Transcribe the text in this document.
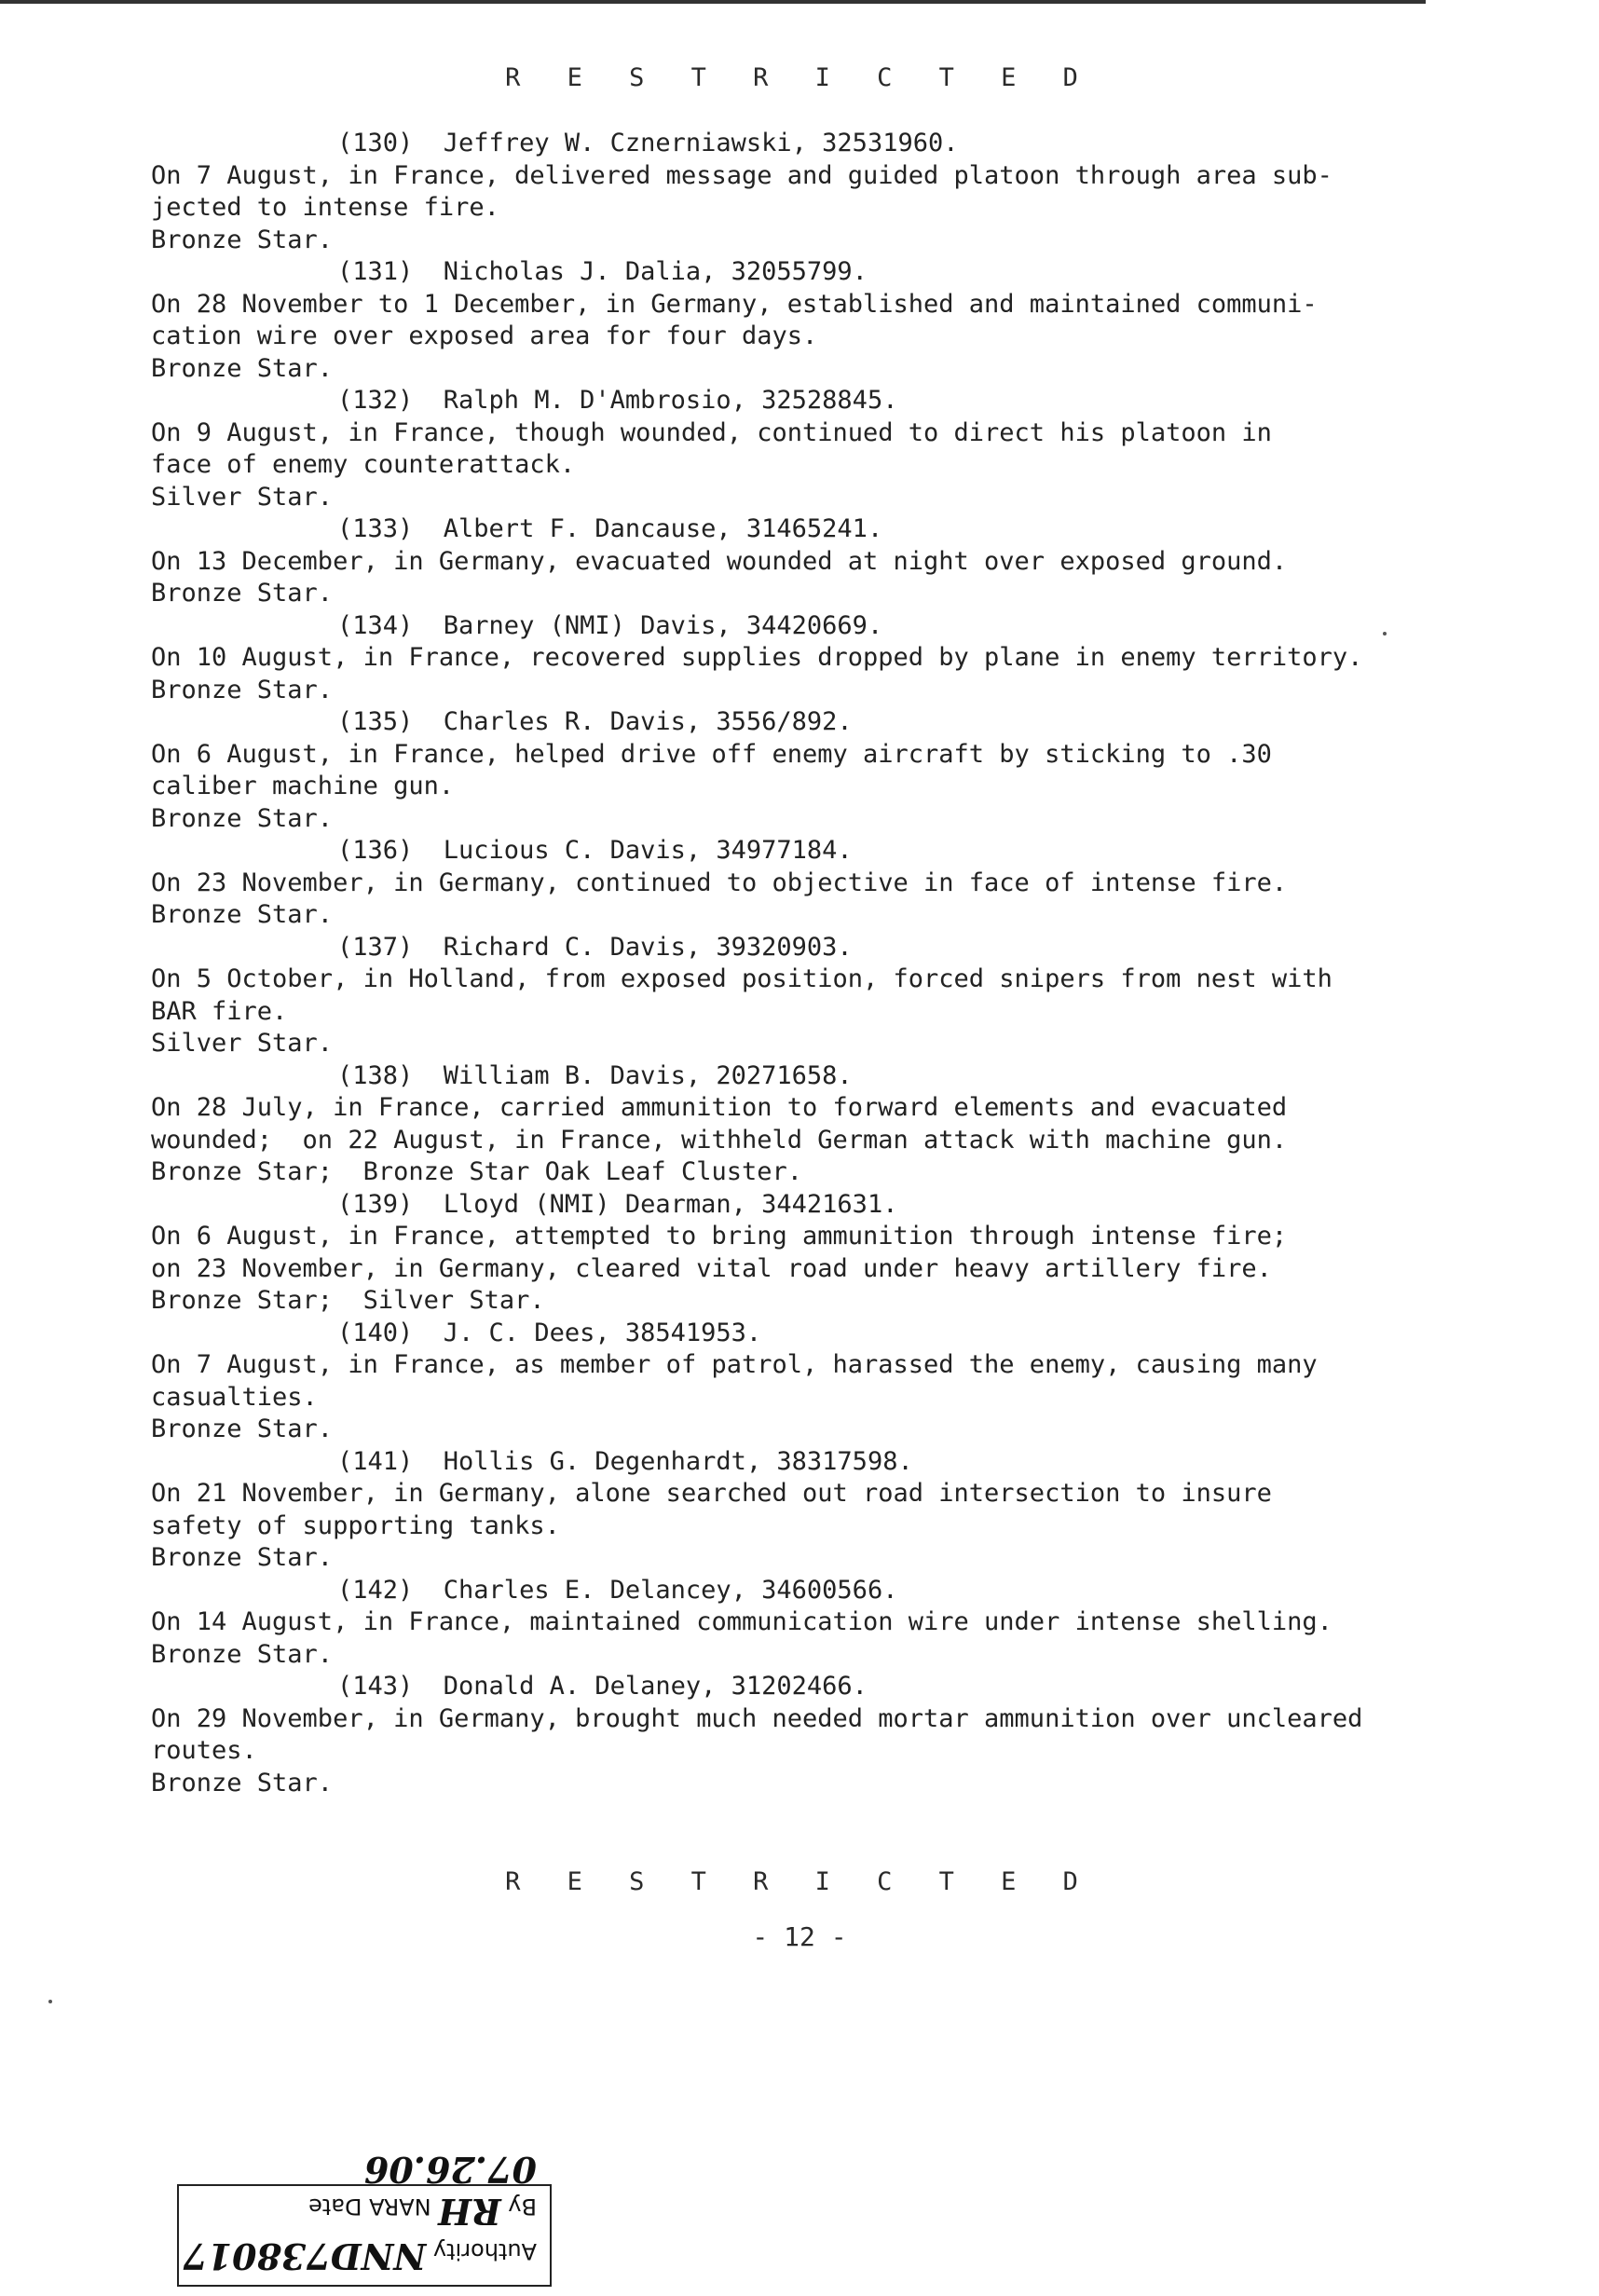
R E S T R I C T E D
(130)  Jeffrey W. Cznerniawski, 32531960.
On 7 August, in France, delivered message and guided platoon through area sub-
jected to intense fire.
Bronze Star.
(131)  Nicholas J. Dalia, 32055799.
On 28 November to 1 December, in Germany, established and maintained communi-
cation wire over exposed area for four days.
Bronze Star.
(132)  Ralph M. D'Ambrosio, 32528845.
On 9 August, in France, though wounded, continued to direct his platoon in
face of enemy counterattack.
Silver Star.
(133)  Albert F. Dancause, 31465241.
On 13 December, in Germany, evacuated wounded at night over exposed ground.
Bronze Star.
(134)  Barney (NMI) Davis, 34420669.
On 10 August, in France, recovered supplies dropped by plane in enemy territory.
Bronze Star.
(135)  Charles R. Davis, 3556/892.
On 6 August, in France, helped drive off enemy aircraft by sticking to .30
caliber machine gun.
Bronze Star.
(136)  Lucious C. Davis, 34977184.
On 23 November, in Germany, continued to objective in face of intense fire.
Bronze Star.
(137)  Richard C. Davis, 39320903.
On 5 October, in Holland, from exposed position, forced snipers from nest with
BAR fire.
Silver Star.
(138)  William B. Davis, 20271658.
On 28 July, in France, carried ammunition to forward elements and evacuated
wounded;  on 22 August, in France, withheld German attack with machine gun.
Bronze Star;  Bronze Star Oak Leaf Cluster.
(139)  Lloyd (NMI) Dearman, 34421631.
On 6 August, in France, attempted to bring ammunition through intense fire;
on 23 November, in Germany, cleared vital road under heavy artillery fire.
Bronze Star;  Silver Star.
(140)  J. C. Dees, 38541953.
On 7 August, in France, as member of patrol, harassed the enemy, causing many
casualties.
Bronze Star.
(141)  Hollis G. Degenhardt, 38317598.
On 21 November, in Germany, alone searched out road intersection to insure
safety of supporting tanks.
Bronze Star.
(142)  Charles E. Delancey, 34600566.
On 14 August, in France, maintained communication wire under intense shelling.
Bronze Star.
(143)  Donald A. Delaney, 31202466.
On 29 November, in Germany, brought much needed mortar ammunition over uncleared
routes.
Bronze Star.
R E S T R I C T E D
- 12 -
Authority NND738017
By RH NARA Date 07.26.06
